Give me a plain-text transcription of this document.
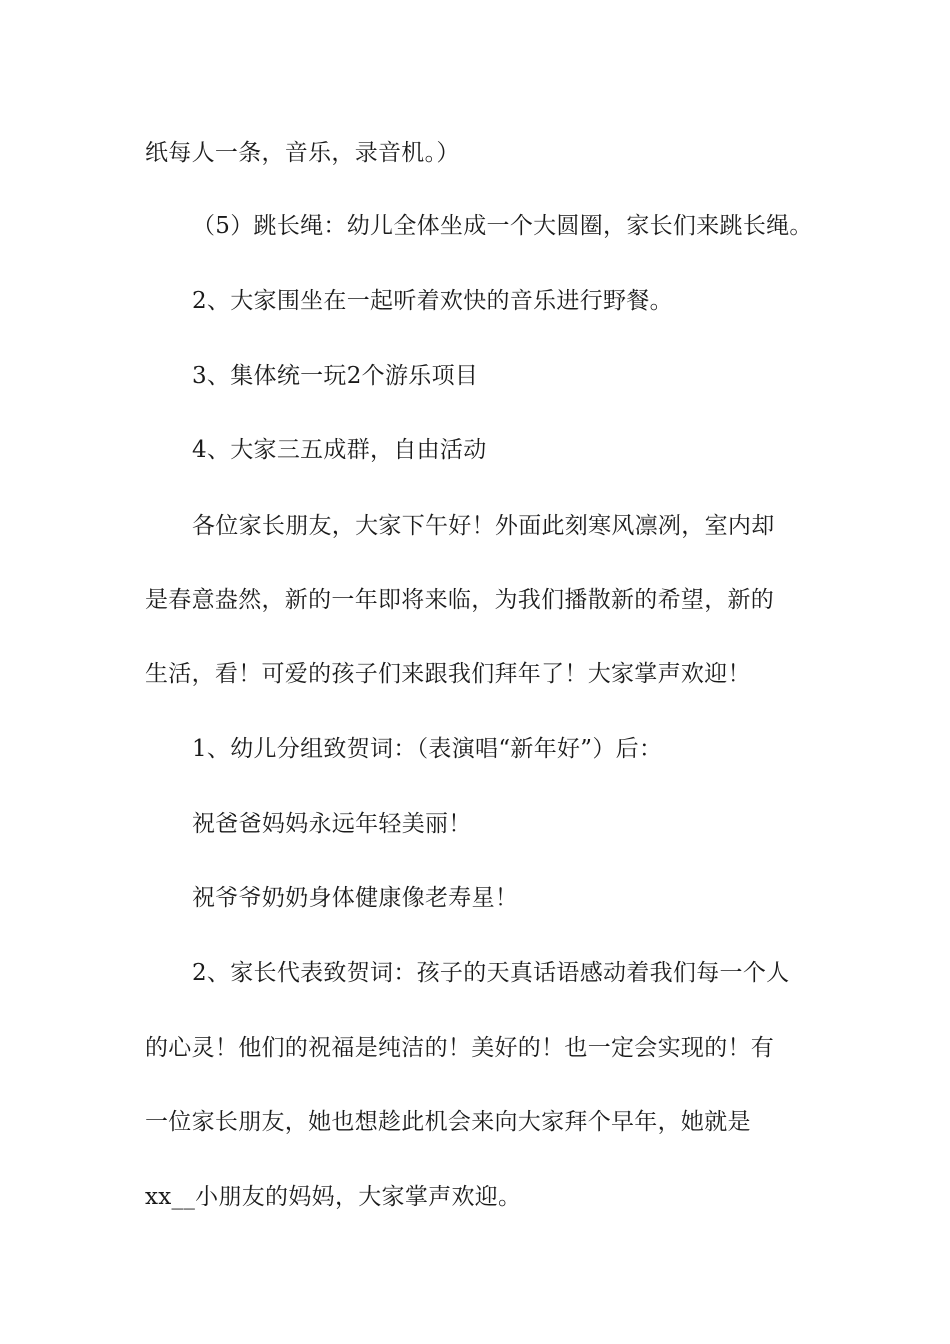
纸每人一条，音乐，录音机。）

（5）跳长绳：幼儿全体坐成一个大圆圈，家长们来跳长绳。

2、大家围坐在一起听着欢快的音乐进行野餐。

3、集体统一玩2个游乐项目

4、大家三五成群，自由活动

各位家长朋友，大家下午好！外面此刻寒风凛冽，室内却

是春意盎然，新的一年即将来临，为我们播散新的希望，新的

生活，看！可爱的孩子们来跟我们拜年了！大家掌声欢迎！

1、幼儿分组致贺词：（表演唱“新年好”）后：

祝爸爸妈妈永远年轻美丽！

祝爷爷奶奶身体健康像老寿星！

2、家长代表致贺词：孩子的天真话语感动着我们每一个人

的心灵！他们的祝福是纯洁的！美好的！也一定会实现的！有

一位家长朋友，她也想趁此机会来向大家拜个早年，她就是

xx__小朋友的妈妈，大家掌声欢迎。
